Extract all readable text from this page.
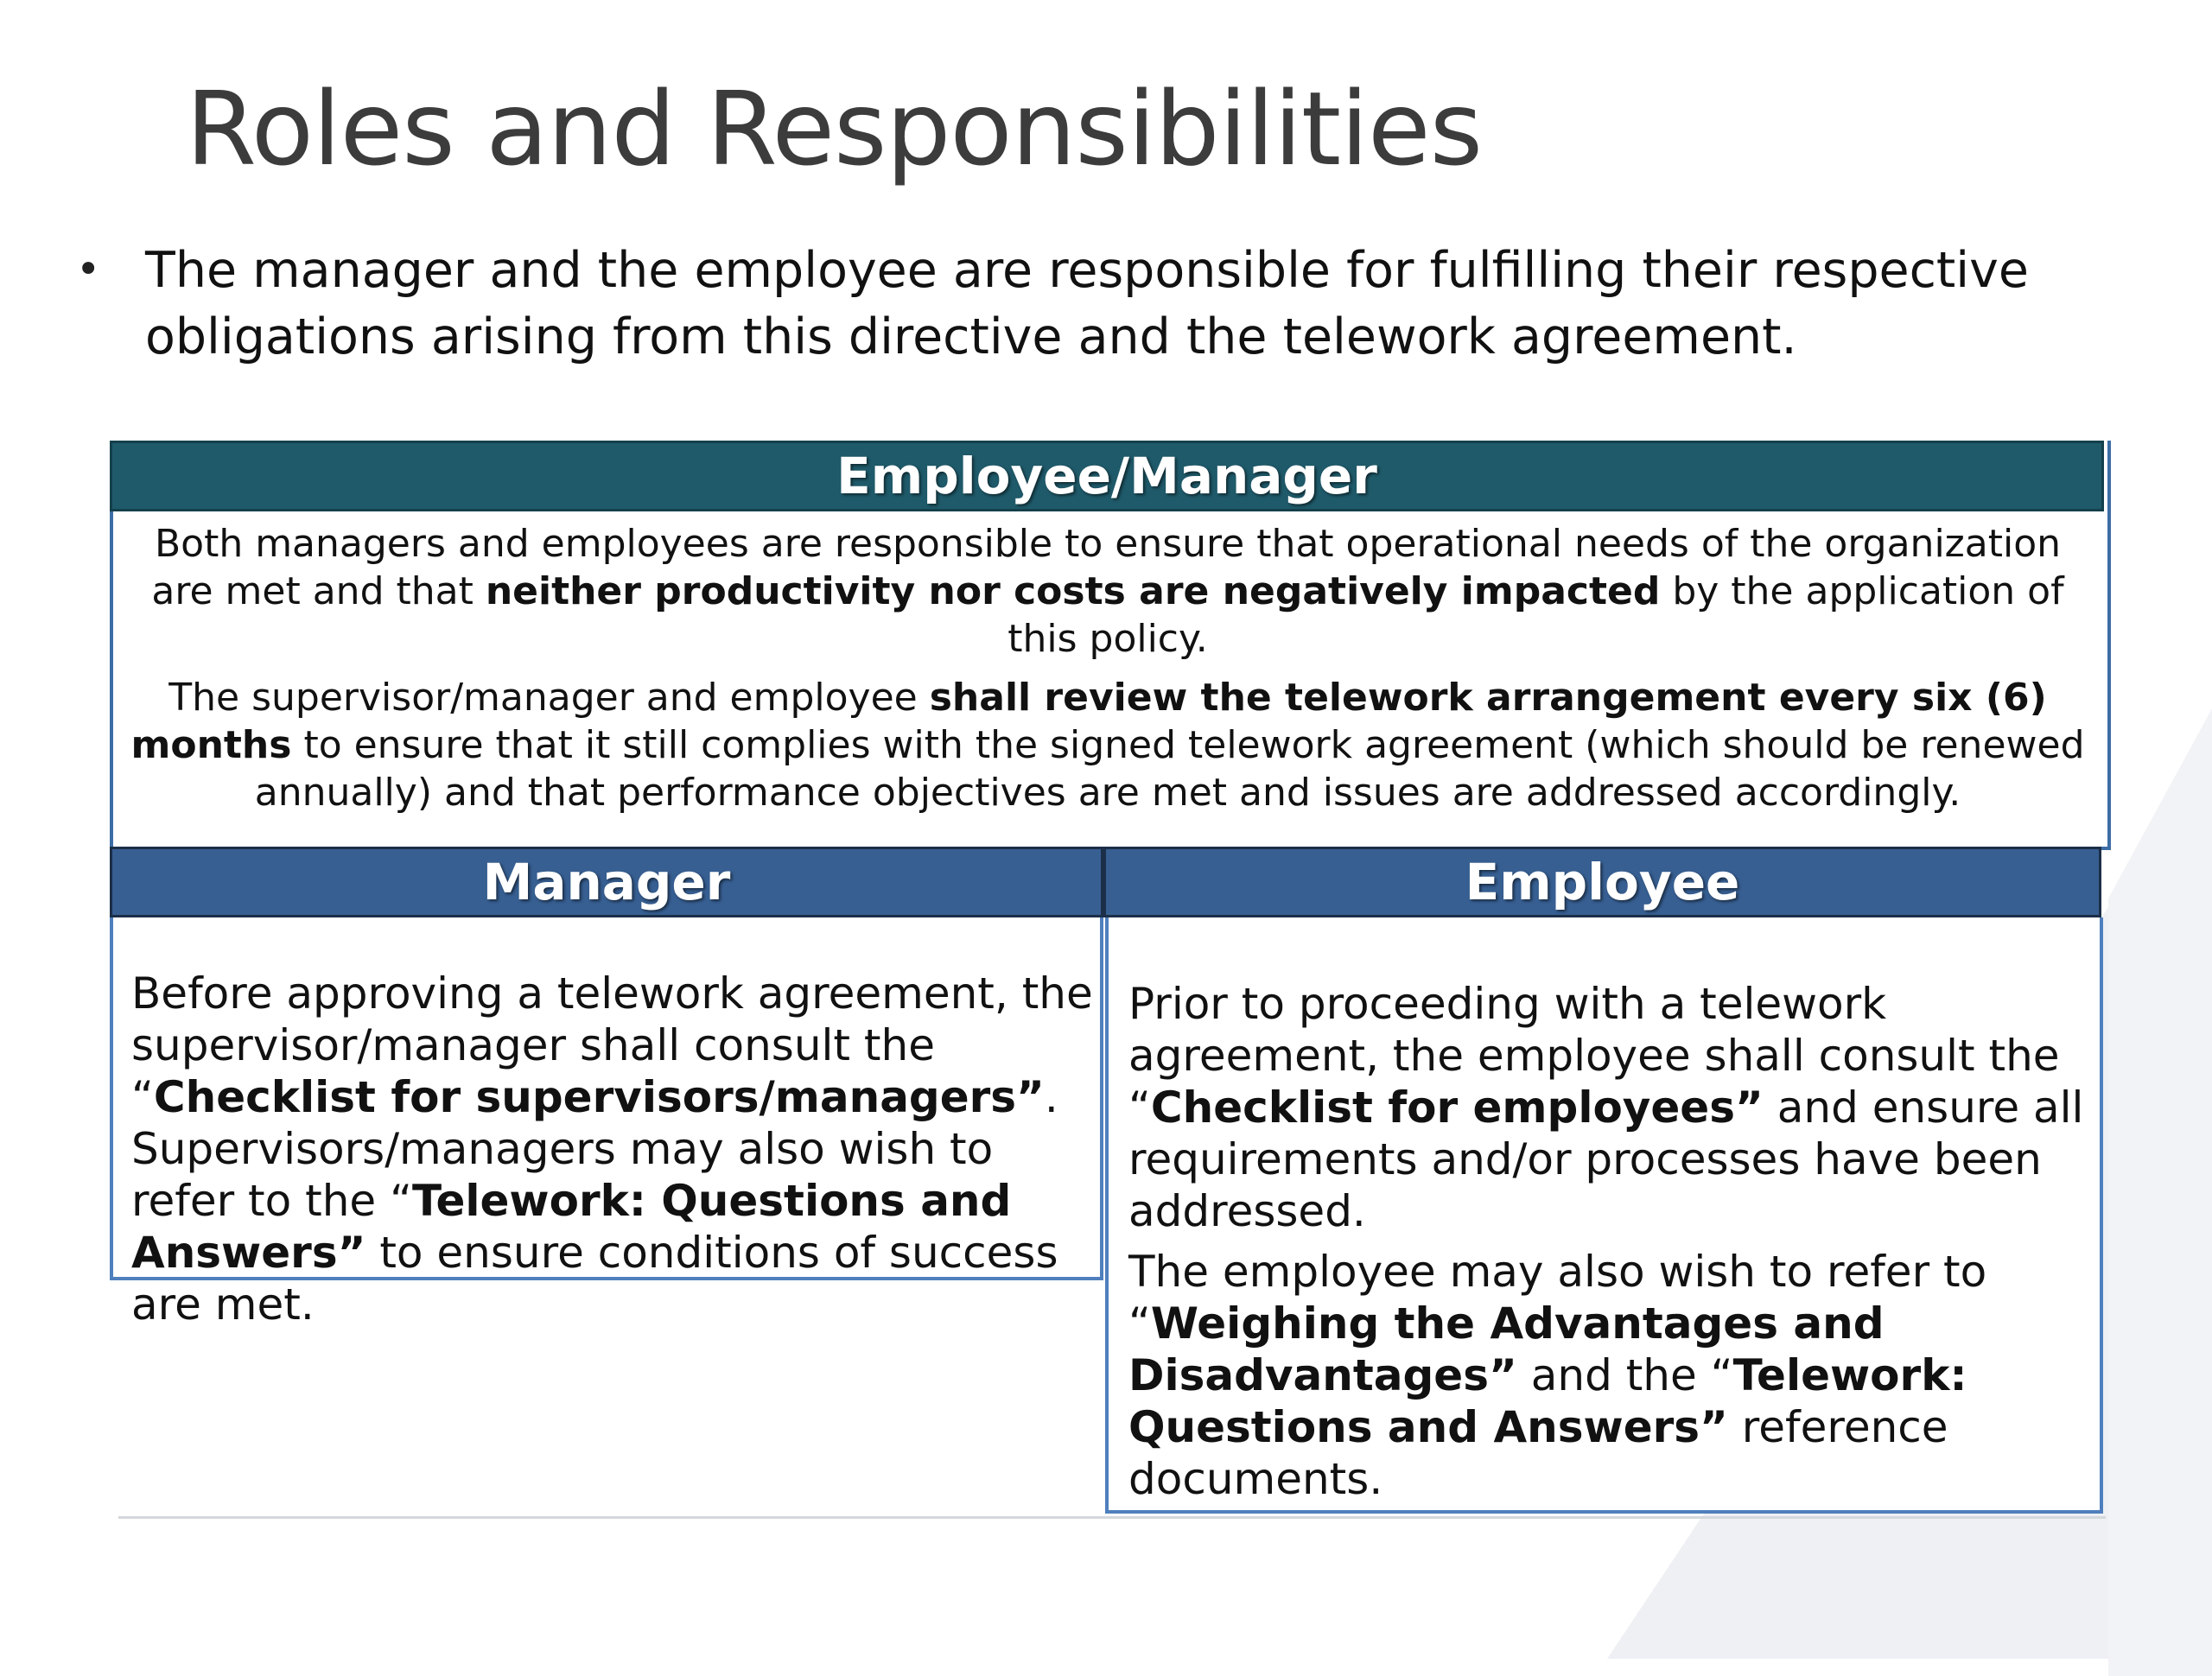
Roles and Responsibilities
• The manager and the employee are responsible for fulfilling their respective obligations arising from this directive and the telework agreement.

Employee/Manager

Both managers and employees are responsible to ensure that operational needs of the organization are met and that neither productivity nor costs are negatively impacted by the application of this policy.

The supervisor/manager and employee shall review the telework arrangement every six (6) months to ensure that it still complies with the signed telework agreement (which should be renewed annually) and that performance objectives are met and issues are addressed accordingly.

Manager	Employee

Before approving a telework agreement, the supervisor/manager shall consult the “Checklist for supervisors/managers”. Supervisors/managers may also wish to refer to the “Telework: Questions and Answers” to ensure conditions of success are met.

Prior to proceeding with a telework agreement, the employee shall consult the “Checklist for employees” and ensure all requirements and/or processes have been addressed.

The employee may also wish to refer to “Weighing the Advantages and Disadvantages” and the “Telework: Questions and Answers” reference documents.
